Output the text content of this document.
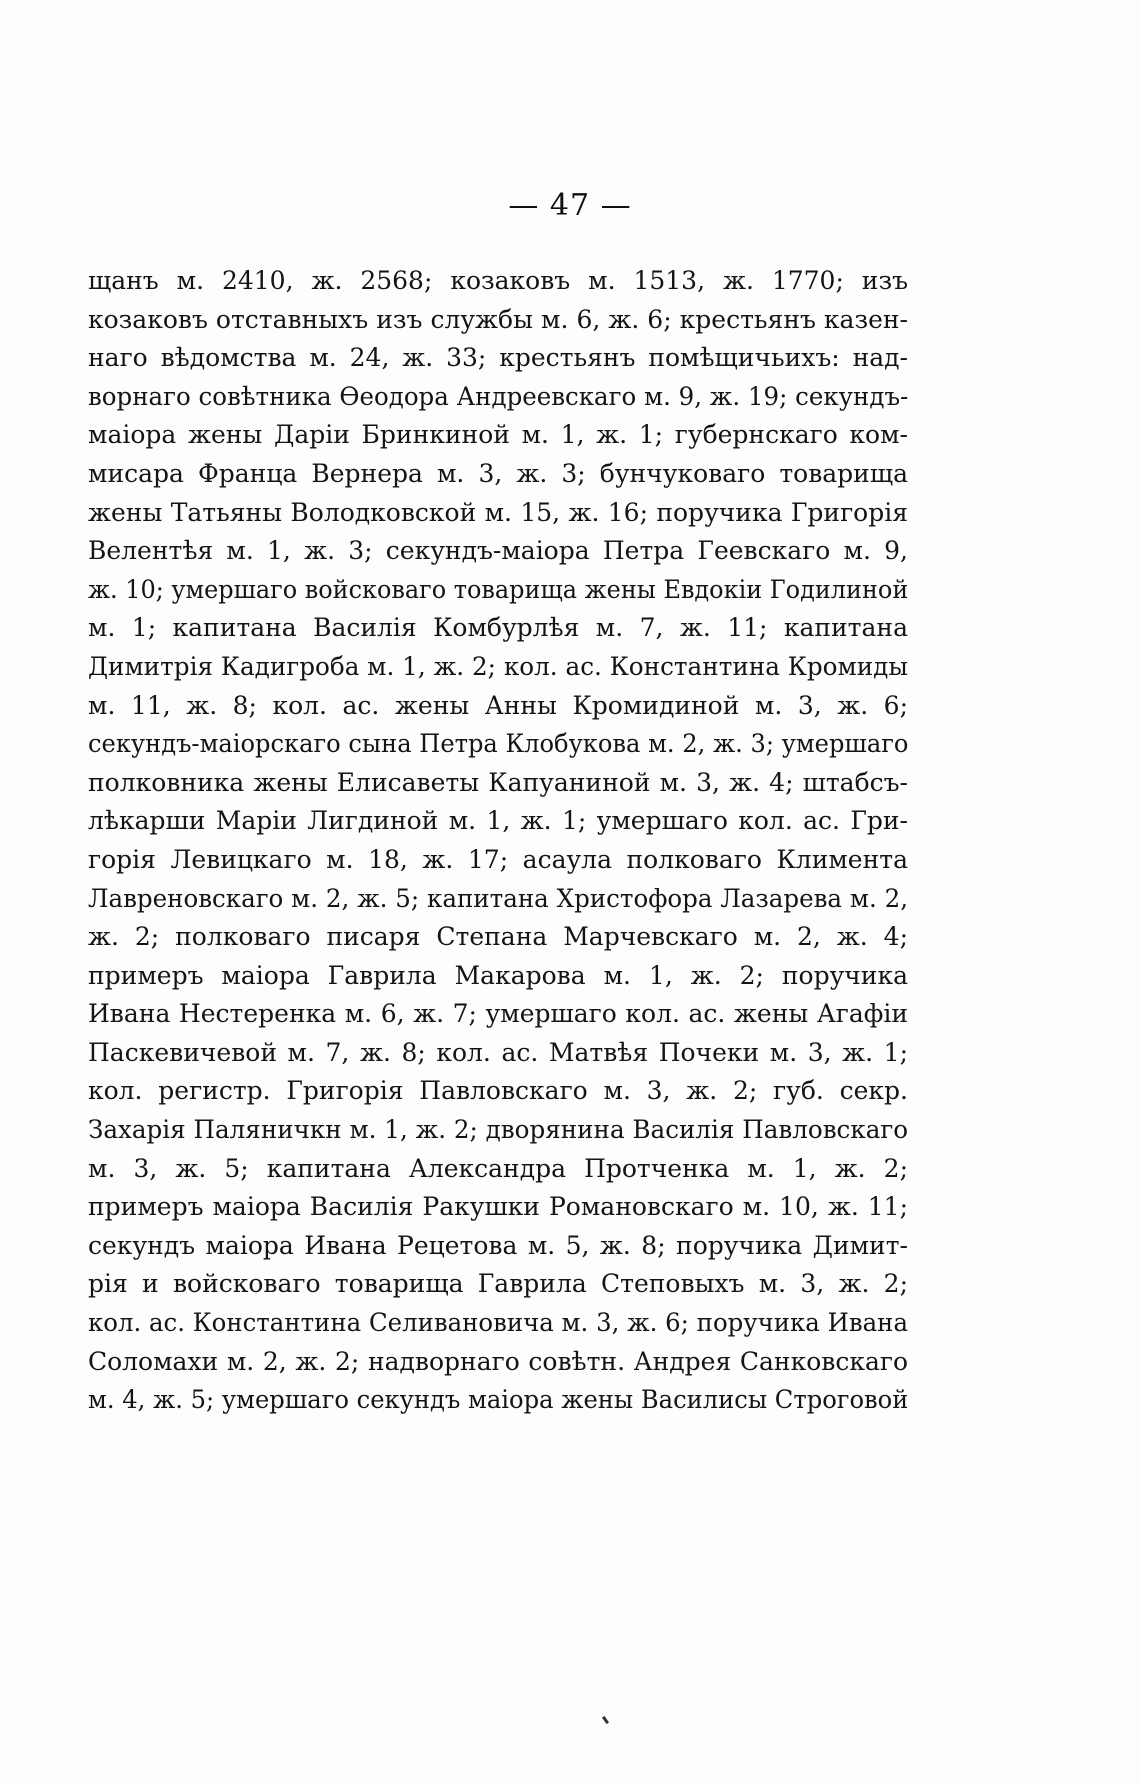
— 47 —
щанъ м. 2410, ж. 2568; козаковъ м. 1513, ж. 1770; изъ
козаковъ отставныхъ изъ службы м. 6, ж. 6; крестьянъ казен-
наго вѣдомства м. 24, ж. 33; крестьянъ помѣщичьихъ: над-
ворнаго совѣтника Ѳеодора Андреевскаго м. 9, ж. 19; секундъ-
маіора жены Даріи Бринкиной м. 1, ж. 1; губернскаго ком-
мисара Франца Вернера м. 3, ж. 3; бунчуковаго товарища
жены Татьяны Володковской м. 15, ж. 16; поручика Григорія
Велентѣя м. 1, ж. 3; секундъ-маіора Петра Геевскаго м. 9,
ж. 10; умершаго войсковаго товарища жены Евдокіи Годилиной
м. 1; капитана Василія Комбурлѣя м. 7, ж. 11; капитана
Димитрія Кадигроба м. 1, ж. 2; кол. ас. Константина Кромиды
м. 11, ж. 8; кол. ас. жены Анны Кромидиной м. 3, ж. 6;
секундъ-маіорскаго сына Петра Клобукова м. 2, ж. 3; умершаго
полковника жены Елисаветы Капуаниной м. 3, ж. 4; штабсъ-
лѣкарши Маріи Лигдиной м. 1, ж. 1; умершаго кол. ас. Гри-
горія Левицкаго м. 18, ж. 17; асаула полковаго Климента
Лавреновскаго м. 2, ж. 5; капитана Христофора Лазарева м. 2,
ж. 2; полковаго писаря Степана Марчевскаго м. 2, ж. 4;
примеръ маіора Гаврила Макарова м. 1, ж. 2; поручика
Ивана Нестеренка м. 6, ж. 7; умершаго кол. ас. жены Агафіи
Паскевичевой м. 7, ж. 8; кол. ас. Матвѣя Почеки м. 3, ж. 1;
кол. регистр. Григорія Павловскаго м. 3, ж. 2; губ. секр.
Захарія Паляничкн м. 1, ж. 2; дворянина Василія Павловскаго
м. 3, ж. 5; капитана Александра Протченка м. 1, ж. 2;
примеръ маіора Василія Ракушки Романовскаго м. 10, ж. 11;
секундъ маіора Ивана Рецетова м. 5, ж. 8; поручика Димит-
рія и войсковаго товарища Гаврила Степовыхъ м. 3, ж. 2;
кол. ас. Константина Селивановича м. 3, ж. 6; поручика Ивана
Соломахи м. 2, ж. 2; надворнаго совѣтн. Андрея Санковскаго
м. 4, ж. 5; умершаго секундъ маіора жены Василисы Строговой
